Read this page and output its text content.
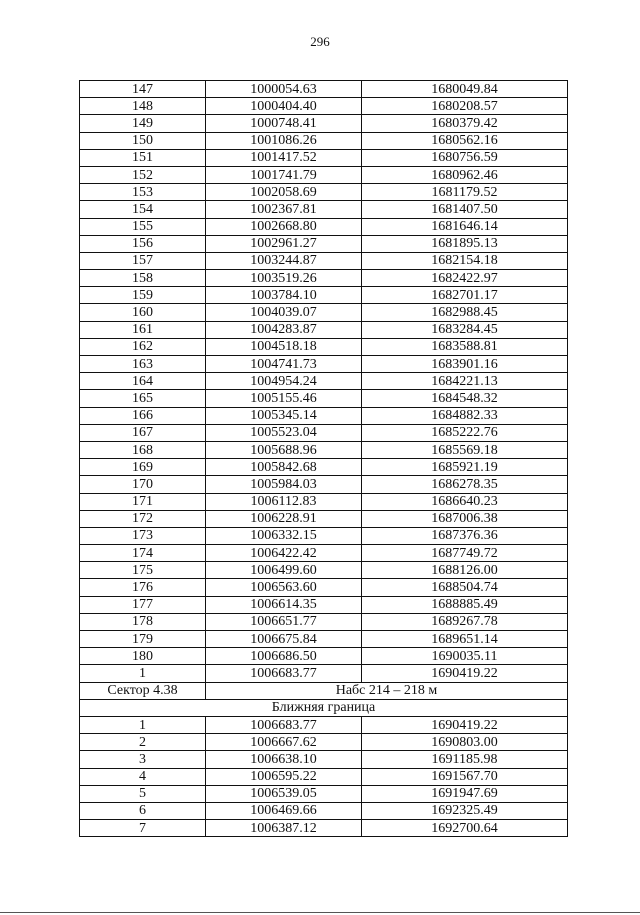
296
147	1000054.63	1680049.84
148	1000404.40	1680208.57
149	1000748.41	1680379.42
150	1001086.26	1680562.16
151	1001417.52	1680756.59
152	1001741.79	1680962.46
153	1002058.69	1681179.52
154	1002367.81	1681407.50
155	1002668.80	1681646.14
156	1002961.27	1681895.13
157	1003244.87	1682154.18
158	1003519.26	1682422.97
159	1003784.10	1682701.17
160	1004039.07	1682988.45
161	1004283.87	1683284.45
162	1004518.18	1683588.81
163	1004741.73	1683901.16
164	1004954.24	1684221.13
165	1005155.46	1684548.32
166	1005345.14	1684882.33
167	1005523.04	1685222.76
168	1005688.96	1685569.18
169	1005842.68	1685921.19
170	1005984.03	1686278.35
171	1006112.83	1686640.23
172	1006228.91	1687006.38
173	1006332.15	1687376.36
174	1006422.42	1687749.72
175	1006499.60	1688126.00
176	1006563.60	1688504.74
177	1006614.35	1688885.49
178	1006651.77	1689267.78
179	1006675.84	1689651.14
180	1006686.50	1690035.11
1	1006683.77	1690419.22
Сектор 4.38	Набс 214 – 218 м	
Ближняя граница		
1	1006683.77	1690419.22
2	1006667.62	1690803.00
3	1006638.10	1691185.98
4	1006595.22	1691567.70
5	1006539.05	1691947.69
6	1006469.66	1692325.49
7	1006387.12	1692700.64
